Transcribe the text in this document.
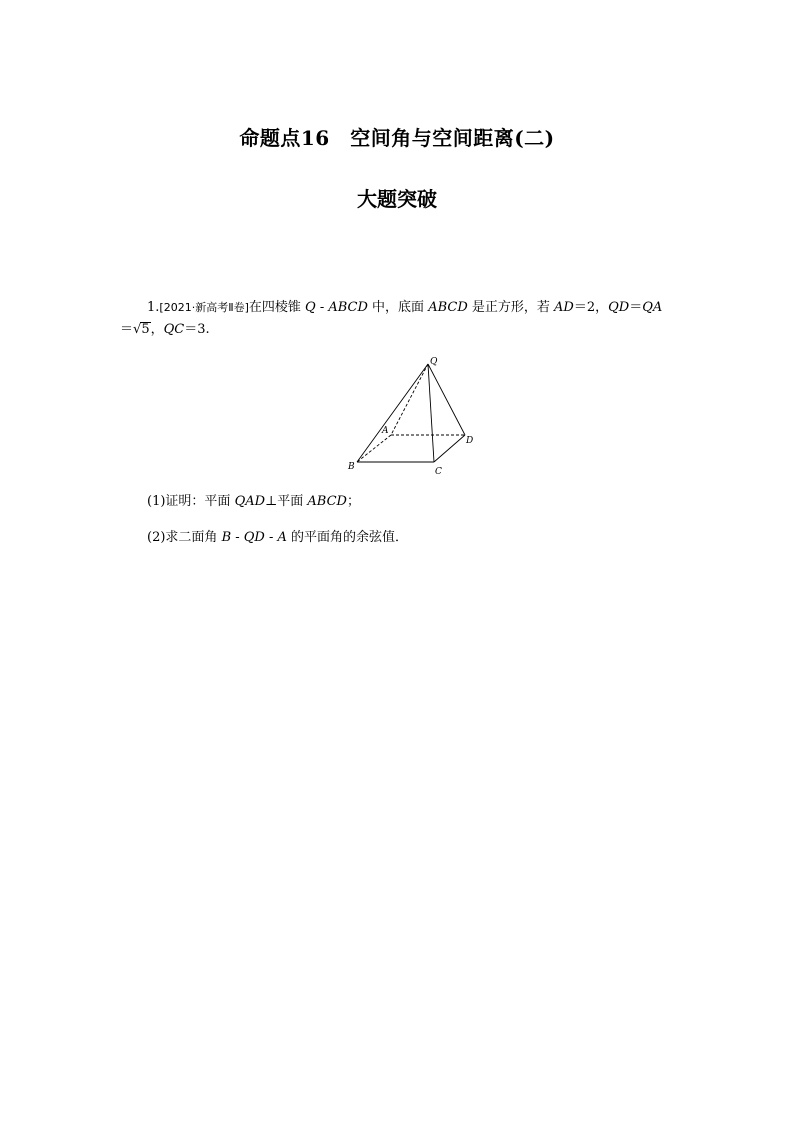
命题点16　空间角与空间距离(二)
大题突破
1.[2021·新高考Ⅱ卷]在四棱锥 Q - ABCD 中，底面 ABCD 是正方形，若 AD＝2，QD＝QA
＝√5，QC＝3.
Q
A
B	C
D
(1)证明：平面 QAD⊥平面 ABCD；
(2)求二面角 B - QD - A 的平面角的余弦值．
